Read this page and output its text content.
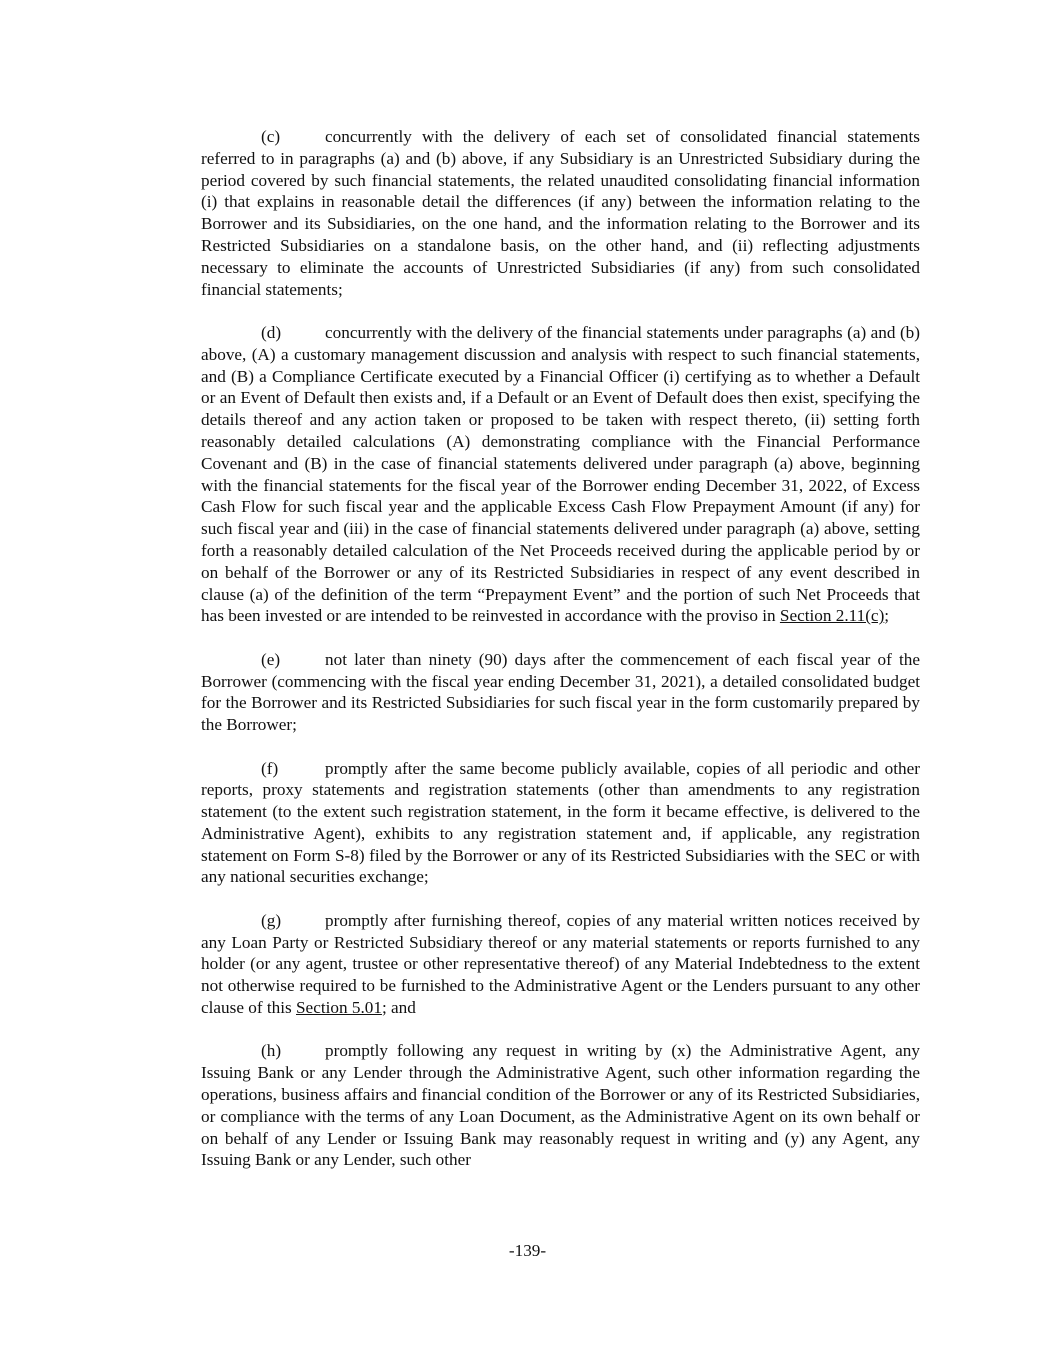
(c)	concurrently with the delivery of each set of consolidated financial statements referred to in paragraphs (a) and (b) above, if any Subsidiary is an Unrestricted Subsidiary during the period covered by such financial statements, the related unaudited consolidating financial information (i) that explains in reasonable detail the differences (if any) between the information relating to the Borrower and its Subsidiaries, on the one hand, and the information relating to the Borrower and its Restricted Subsidiaries on a standalone basis, on the other hand, and (ii) reflecting adjustments necessary to eliminate the accounts of Unrestricted Subsidiaries (if any) from such consolidated financial statements;

(d)	concurrently with the delivery of the financial statements under paragraphs (a) and (b) above, (A) a customary management discussion and analysis with respect to such financial statements, and (B) a Compliance Certificate executed by a Financial Officer (i) certifying as to whether a Default or an Event of Default then exists and, if a Default or an Event of Default does then exist, specifying the details thereof and any action taken or proposed to be taken with respect thereto, (ii) setting forth reasonably detailed calculations (A) demonstrating compliance with the Financial Performance Covenant and (B) in the case of financial statements delivered under paragraph (a) above, beginning with the financial statements for the fiscal year of the Borrower ending December 31, 2022, of Excess Cash Flow for such fiscal year and the applicable Excess Cash Flow Prepayment Amount (if any) for such fiscal year and (iii) in the case of financial statements delivered under paragraph (a) above, setting forth a reasonably detailed calculation of the Net Proceeds received during the applicable period by or on behalf of the Borrower or any of its Restricted Subsidiaries in respect of any event described in clause (a) of the definition of the term “Prepayment Event” and the portion of such Net Proceeds that has been invested or are intended to be reinvested in accordance with the proviso in Section 2.11(c);

(e)	not later than ninety (90) days after the commencement of each fiscal year of the Borrower (commencing with the fiscal year ending December 31, 2021), a detailed consolidated budget for the Borrower and its Restricted Subsidiaries for such fiscal year in the form customarily prepared by the Borrower;

(f)	promptly after the same become publicly available, copies of all periodic and other reports, proxy statements and registration statements (other than amendments to any registration statement (to the extent such registration statement, in the form it became effective, is delivered to the Administrative Agent), exhibits to any registration statement and, if applicable, any registration statement on Form S-8) filed by the Borrower or any of its Restricted Subsidiaries with the SEC or with any national securities exchange;

(g)	promptly after furnishing thereof, copies of any material written notices received by any Loan Party or Restricted Subsidiary thereof or any material statements or reports furnished to any holder (or any agent, trustee or other representative thereof) of any Material Indebtedness to the extent not otherwise required to be furnished to the Administrative Agent or the Lenders pursuant to any other clause of this Section 5.01; and

(h)	promptly following any request in writing by (x) the Administrative Agent, any Issuing Bank or any Lender through the Administrative Agent, such other information regarding the operations, business affairs and financial condition of the Borrower or any of its Restricted Subsidiaries, or compliance with the terms of any Loan Document, as the Administrative Agent on its own behalf or on behalf of any Lender or Issuing Bank may reasonably request in writing and (y) any Agent, any Issuing Bank or any Lender, such other

-139-
